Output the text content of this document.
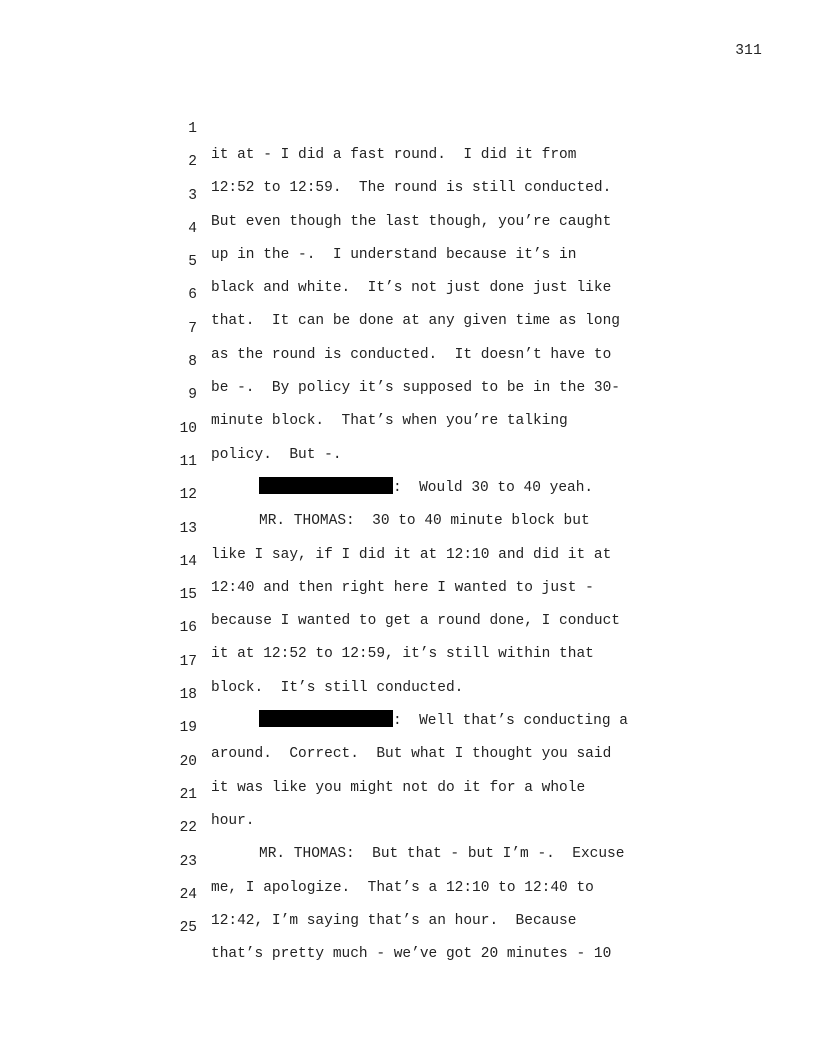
311

1

it at - I did a fast round.  I did it from

2

12:52 to 12:59.  The round is still conducted.

3

But even though the last though, you’re caught

4

up in the -.  I understand because it’s in

5

black and white.  It’s not just done just like

6

that.  It can be done at any given time as long

7

as the round is conducted.  It doesn’t have to

8

be -.  By policy it’s supposed to be in the 30-

9

minute block.  That’s when you’re talking

10

policy.  But -.

11

:  Would 30 to 40 yeah.

12

MR. THOMAS:  30 to 40 minute block but

13

like I say, if I did it at 12:10 and did it at

14

12:40 and then right here I wanted to just -

15

because I wanted to get a round done, I conduct

16

it at 12:52 to 12:59, it’s still within that

17

block.  It’s still conducted.

18

:  Well that’s conducting a

19

around.  Correct.  But what I thought you said

20

it was like you might not do it for a whole

21

hour.

22

MR. THOMAS:  But that - but I’m -.  Excuse

23

me, I apologize.  That’s a 12:10 to 12:40 to

24

12:42, I’m saying that’s an hour.  Because

25

that’s pretty much - we’ve got 20 minutes - 10
